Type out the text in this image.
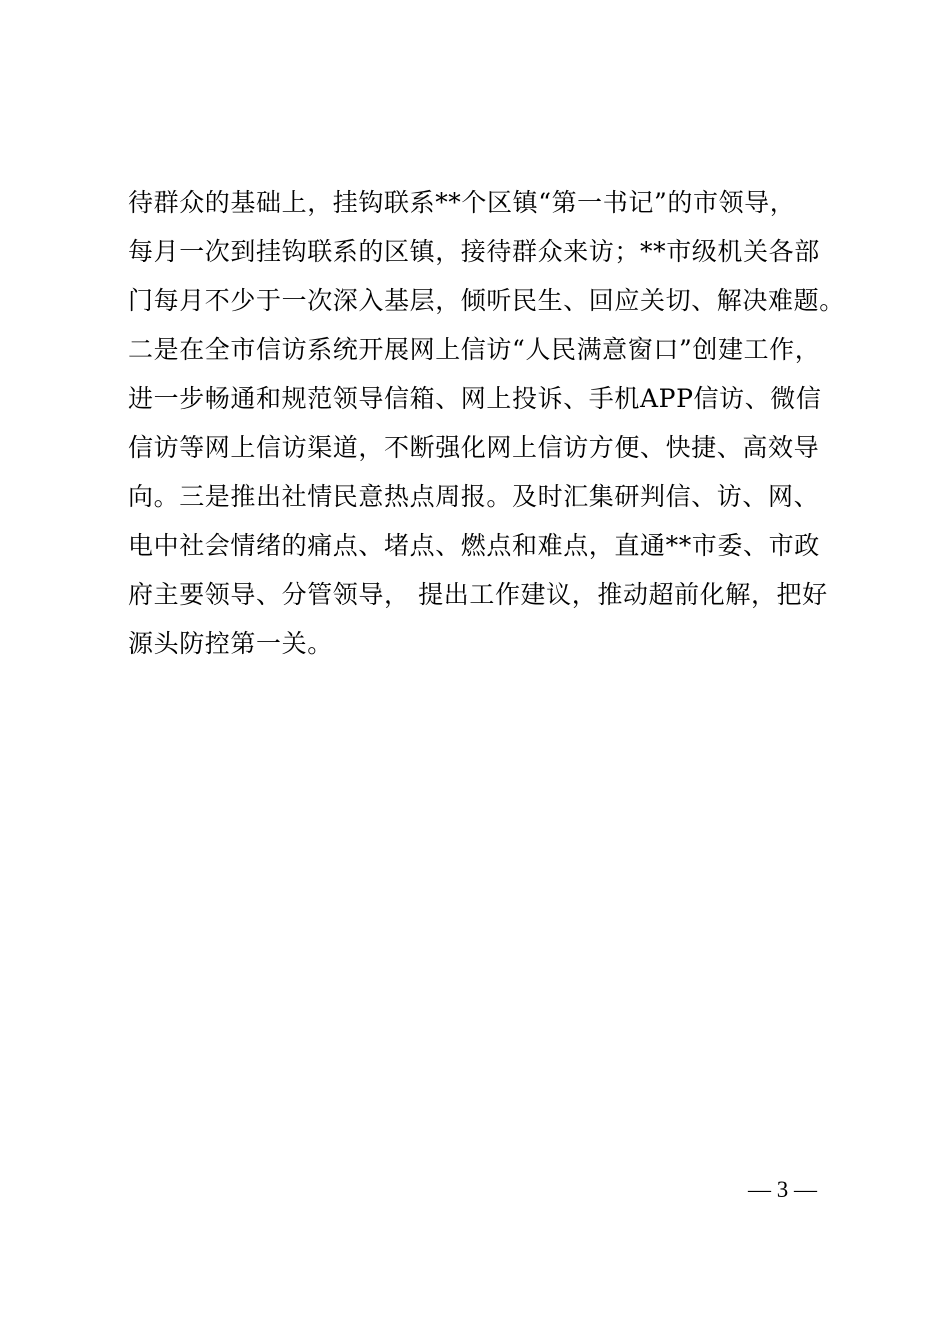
待群众的基础上，挂钩联系**个区镇“第一书记”的市领导，
每月一次到挂钩联系的区镇，接待群众来访；**市级机关各部
门每月不少于一次深入基层，倾听民生、回应关切、解决难题。
二是在全市信访系统开展网上信访“人民满意窗口”创建工作，
进一步畅通和规范领导信箱、网上投诉、手机APP信访、微信
信访等网上信访渠道，不断强化网上信访方便、快捷、高效导
向。三是推出社情民意热点周报。及时汇集研判信、访、网、
电中社会情绪的痛点、堵点、燃点和难点，直通**市委、市政
府主要领导、分管领导， 提出工作建议，推动超前化解，把好
源头防控第一关。
— 3 —
